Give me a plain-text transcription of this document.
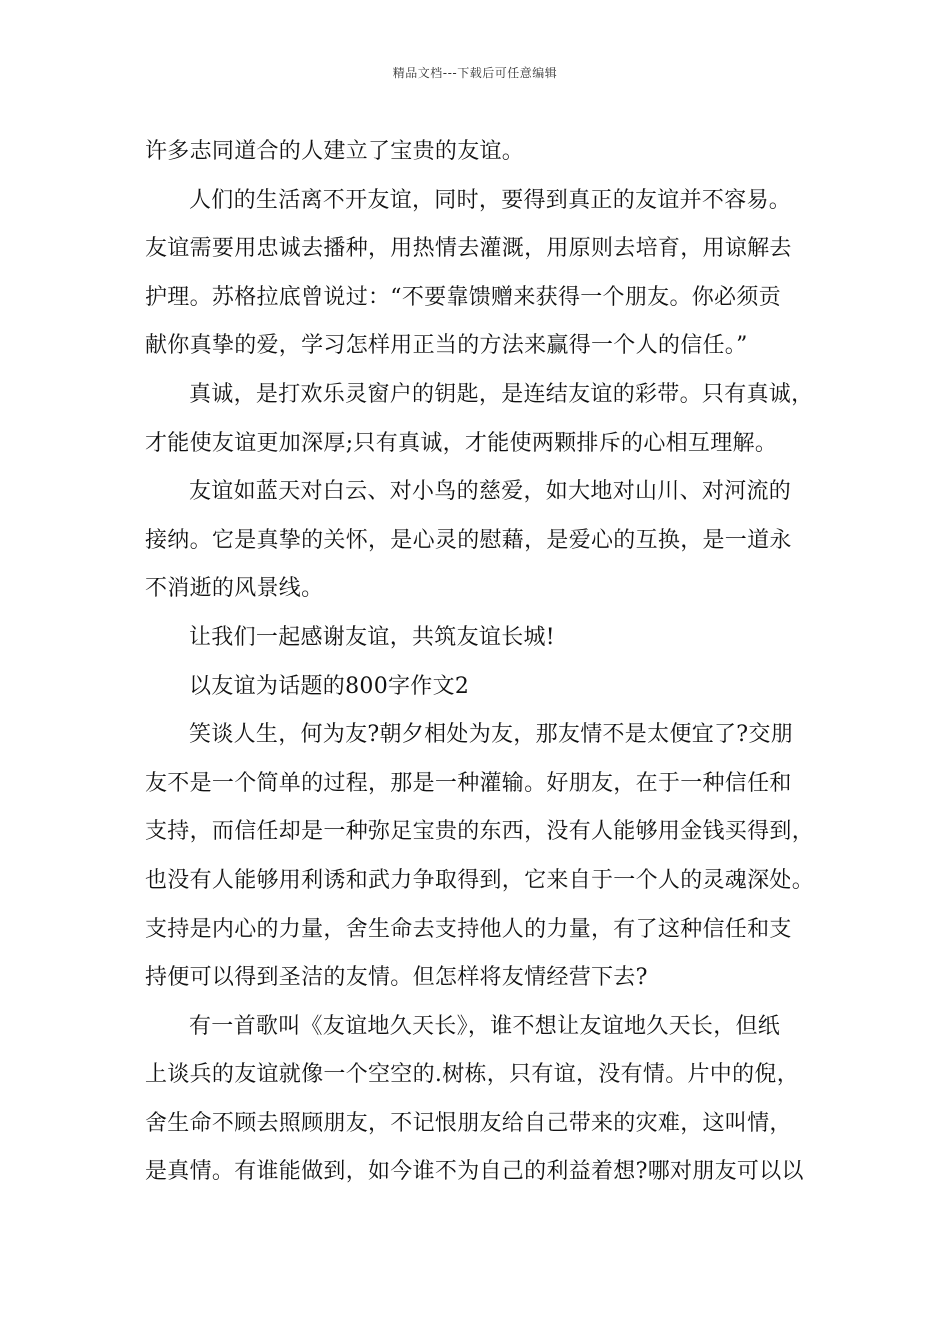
精品文档---下载后可任意编辑
许多志同道合的人建立了宝贵的友谊。
人们的生活离不开友谊，同时，要得到真正的友谊并不容易。
友谊需要用忠诚去播种，用热情去灌溉，用原则去培育，用谅解去
护理。苏格拉底曾说过：“不要靠馈赠来获得一个朋友。你必须贡
献你真挚的爱，学习怎样用正当的方法来赢得一个人的信任。”
真诚，是打欢乐灵窗户的钥匙，是连结友谊的彩带。只有真诚，
才能使友谊更加深厚;只有真诚，才能使两颗排斥的心相互理解。
友谊如蓝天对白云、对小鸟的慈爱，如大地对山川、对河流的
接纳。它是真挚的关怀，是心灵的慰藉，是爱心的互换，是一道永
不消逝的风景线。
让我们一起感谢友谊，共筑友谊长城!
以友谊为话题的800字作文2
笑谈人生，何为友?朝夕相处为友，那友情不是太便宜了?交朋
友不是一个简单的过程，那是一种灌输。好朋友，在于一种信任和
支持，而信任却是一种弥足宝贵的东西，没有人能够用金钱买得到，
也没有人能够用利诱和武力争取得到，它来自于一个人的灵魂深处。
支持是内心的力量，舍生命去支持他人的力量，有了这种信任和支
持便可以得到圣洁的友情。但怎样将友情经营下去?
有一首歌叫《友谊地久天长》，谁不想让友谊地久天长，但纸
上谈兵的友谊就像一个空空的.树栋，只有谊，没有情。片中的倪，
舍生命不顾去照顾朋友，不记恨朋友给自己带来的灾难，这叫情，
是真情。有谁能做到，如今谁不为自己的利益着想?哪对朋友可以以
